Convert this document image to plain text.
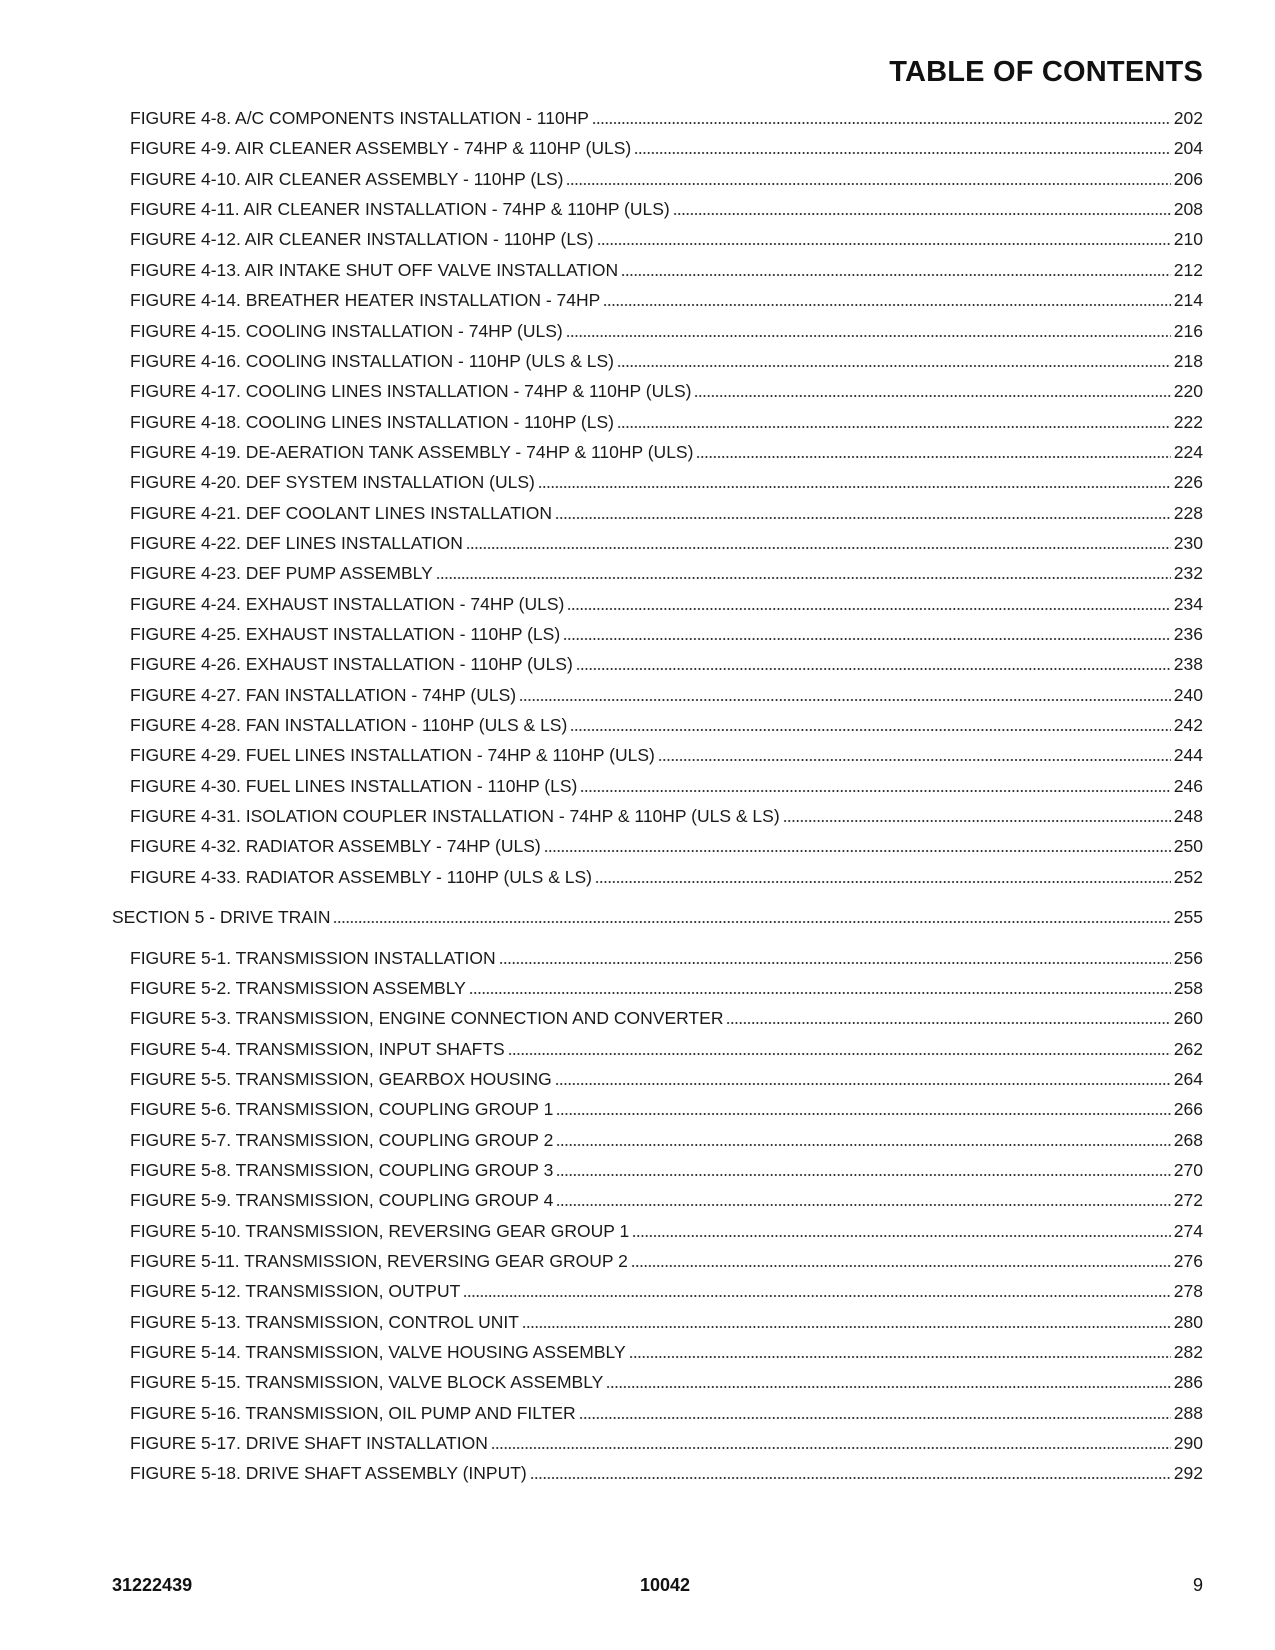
TABLE OF CONTENTS
FIGURE 4-8. A/C COMPONENTS INSTALLATION - 110HP	202
FIGURE 4-9. AIR CLEANER ASSEMBLY - 74HP & 110HP (ULS)	204
FIGURE 4-10. AIR CLEANER ASSEMBLY - 110HP (LS)	206
FIGURE 4-11. AIR CLEANER INSTALLATION - 74HP & 110HP (ULS)	208
FIGURE 4-12. AIR CLEANER INSTALLATION - 110HP (LS)	210
FIGURE 4-13. AIR INTAKE SHUT OFF VALVE INSTALLATION	212
FIGURE 4-14. BREATHER HEATER INSTALLATION - 74HP	214
FIGURE 4-15. COOLING INSTALLATION - 74HP (ULS)	216
FIGURE 4-16. COOLING INSTALLATION - 110HP (ULS & LS)	218
FIGURE 4-17. COOLING LINES INSTALLATION - 74HP & 110HP (ULS)	220
FIGURE 4-18. COOLING LINES INSTALLATION - 110HP (LS)	222
FIGURE 4-19. DE-AERATION TANK ASSEMBLY - 74HP & 110HP (ULS)	224
FIGURE 4-20. DEF SYSTEM INSTALLATION (ULS)	226
FIGURE 4-21. DEF COOLANT LINES INSTALLATION	228
FIGURE 4-22. DEF LINES INSTALLATION	230
FIGURE 4-23. DEF PUMP ASSEMBLY	232
FIGURE 4-24. EXHAUST INSTALLATION - 74HP (ULS)	234
FIGURE 4-25. EXHAUST INSTALLATION - 110HP (LS)	236
FIGURE 4-26. EXHAUST INSTALLATION - 110HP (ULS)	238
FIGURE 4-27. FAN INSTALLATION - 74HP (ULS)	240
FIGURE 4-28. FAN INSTALLATION - 110HP (ULS & LS)	242
FIGURE 4-29. FUEL LINES INSTALLATION - 74HP & 110HP (ULS)	244
FIGURE 4-30. FUEL LINES INSTALLATION - 110HP (LS)	246
FIGURE 4-31. ISOLATION COUPLER INSTALLATION - 74HP & 110HP (ULS & LS)	248
FIGURE 4-32. RADIATOR ASSEMBLY - 74HP (ULS)	250
FIGURE 4-33. RADIATOR ASSEMBLY - 110HP (ULS & LS)	252
SECTION 5 - DRIVE TRAIN	255
FIGURE 5-1. TRANSMISSION INSTALLATION	256
FIGURE 5-2. TRANSMISSION ASSEMBLY	258
FIGURE 5-3. TRANSMISSION, ENGINE CONNECTION AND CONVERTER	260
FIGURE 5-4. TRANSMISSION, INPUT SHAFTS	262
FIGURE 5-5. TRANSMISSION, GEARBOX HOUSING	264
FIGURE 5-6. TRANSMISSION, COUPLING GROUP 1	266
FIGURE 5-7. TRANSMISSION, COUPLING GROUP 2	268
FIGURE 5-8. TRANSMISSION, COUPLING GROUP 3	270
FIGURE 5-9. TRANSMISSION, COUPLING GROUP 4	272
FIGURE 5-10. TRANSMISSION, REVERSING GEAR GROUP 1	274
FIGURE 5-11. TRANSMISSION, REVERSING GEAR GROUP 2	276
FIGURE 5-12. TRANSMISSION, OUTPUT	278
FIGURE 5-13. TRANSMISSION, CONTROL UNIT	280
FIGURE 5-14. TRANSMISSION, VALVE HOUSING ASSEMBLY	282
FIGURE 5-15. TRANSMISSION, VALVE BLOCK ASSEMBLY	286
FIGURE 5-16. TRANSMISSION, OIL PUMP AND FILTER	288
FIGURE 5-17. DRIVE SHAFT INSTALLATION	290
FIGURE 5-18. DRIVE SHAFT ASSEMBLY (INPUT)	292
31222439	10042	9
